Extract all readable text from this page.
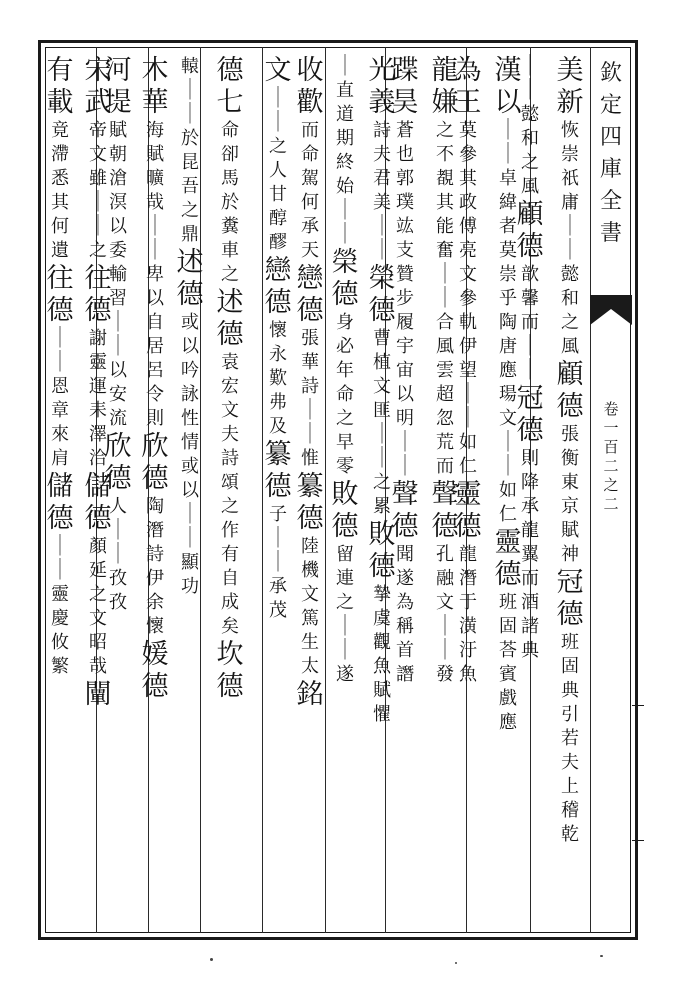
欽
定
四
庫
全
書
卷
一
百
二
之
二
美
新
恢
崇
祇
庸
｜
｜
懿
和
之
風
顧
德
張
衡
東
京
賦
神
冠
德
班
固
典
引
若
夫
上
稽
乾
｜
｜
懿
和
之
風
顧
德
歆
馨
而
｜
｜
冠
德
則
降
承
龍
翼
而
酒
諸
典
漢
以
｜
｜
卓
緯
者
莫
崇
乎
陶
唐
應
瑒
文
｜
｜
如
仁
靈
德
班
固
荅
賓
戲
應
為
王
莫
參
其
政
傅
亮
文
參
軌
伊
望
｜
｜
如
仁
靈
德
龍
潛
于
潢
汙
魚
龍
嫌
之
不
覩
其
能
奮
｜
｜
合
風
雲
超
忽
荒
而
聲
德
孔
融
文
｜
｜
發
蹀
昊
蒼
也
郭
璞
竑
支
贊
步
履
宇
宙
以
明
｜
｜
聲
德
聞
遂
為
稱
首
譖
光
義
詩
夫
君
美
｜
｜
榮
德
曹
植
文
匪
｜
｜
之
累
敗
德
摯
虞
觀
魚
賦
懼
｜
直
道
期
終
始
｜
｜
榮
德
身
必
年
命
之
早
零
敗
德
留
連
之
｜
｜
遂
收
歡
而
命
駕
何
承
天
戀
德
張
華
詩
｜
｜
惟
纂
德
陸
機
文
篤
生
太
銘
文
｜
｜
之
人
甘
醇
醪
戀
德
懷
永
歎
弗
及
纂
德
子
｜
｜
承
茂
德
七
命
卻
馬
於
糞
車
之
述
德
袁
宏
文
夫
詩
頌
之
作
有
自
成
矣
坎
德
轅
｜
｜
於
昆
吾
之
鼎
述
德
或
以
吟
詠
性
情
或
以
｜
｜
顯
功
木
華
海
賦
曠
哉
｜
｜
卑
以
自
居
呂
令
則
欣
德
陶
潛
詩
伊
余
懷
媛
德
河
堤
賦
朝
滄
溟
以
委
輸
習
｜
｜
以
安
流
欣
德
人
｜
｜
孜
孜
宋
武
帝
文
雖
｜
｜
之
往
德
謝
靈
運
耒
澤
洽
儲
德
顏
延
之
文
昭
哉
闡
有
載
竟
滯
悉
其
何
遺
往
德
｜
｜
恩
章
來
肩
儲
德
｜
｜
靈
慶
攸
繁
